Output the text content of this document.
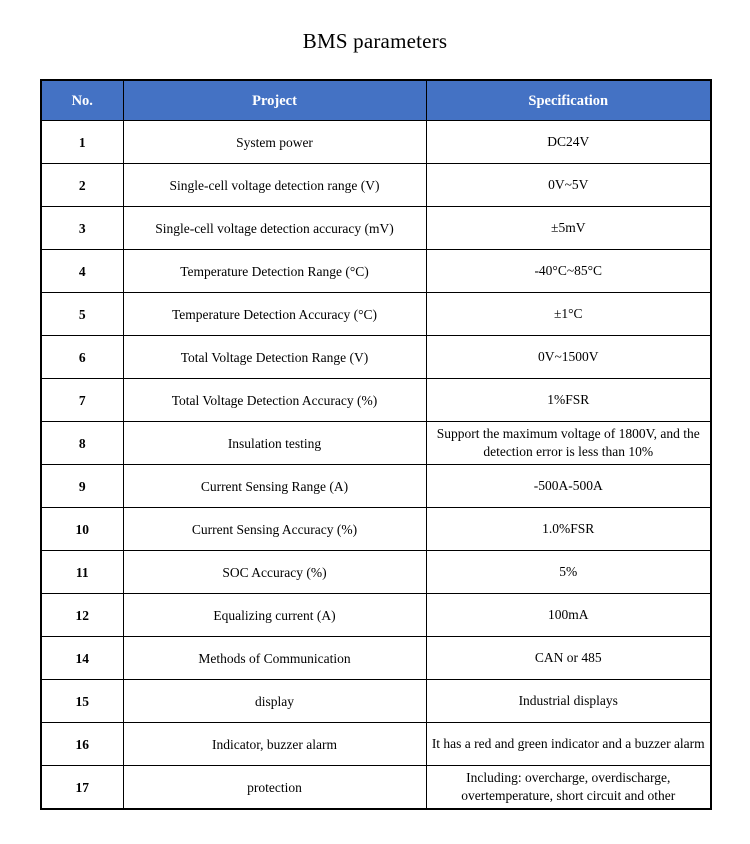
BMS parameters
No.	Project	Specification
1	System power	DC24V
2	Single-cell voltage detection range (V)	0V~5V
3	Single-cell voltage detection accuracy (mV)	±5mV
4	Temperature Detection Range (°C)	-40°C~85°C
5	Temperature Detection Accuracy (°C)	±1°C
6	Total Voltage Detection Range (V)	0V~1500V
7	Total Voltage Detection Accuracy (%)	1%FSR
8	Insulation testing	Support the maximum voltage of 1800V, and the detection error is less than 10%
9	Current Sensing Range (A)	-500A-500A
10	Current Sensing Accuracy (%)	1.0%FSR
11	SOC Accuracy (%)	5%
12	Equalizing current (A)	100mA
14	Methods of Communication	CAN or 485
15	display	Industrial displays
16	Indicator, buzzer alarm	It has a red and green indicator and a buzzer alarm
17	protection	Including: overcharge, overdischarge, overtemperature, short circuit and other
